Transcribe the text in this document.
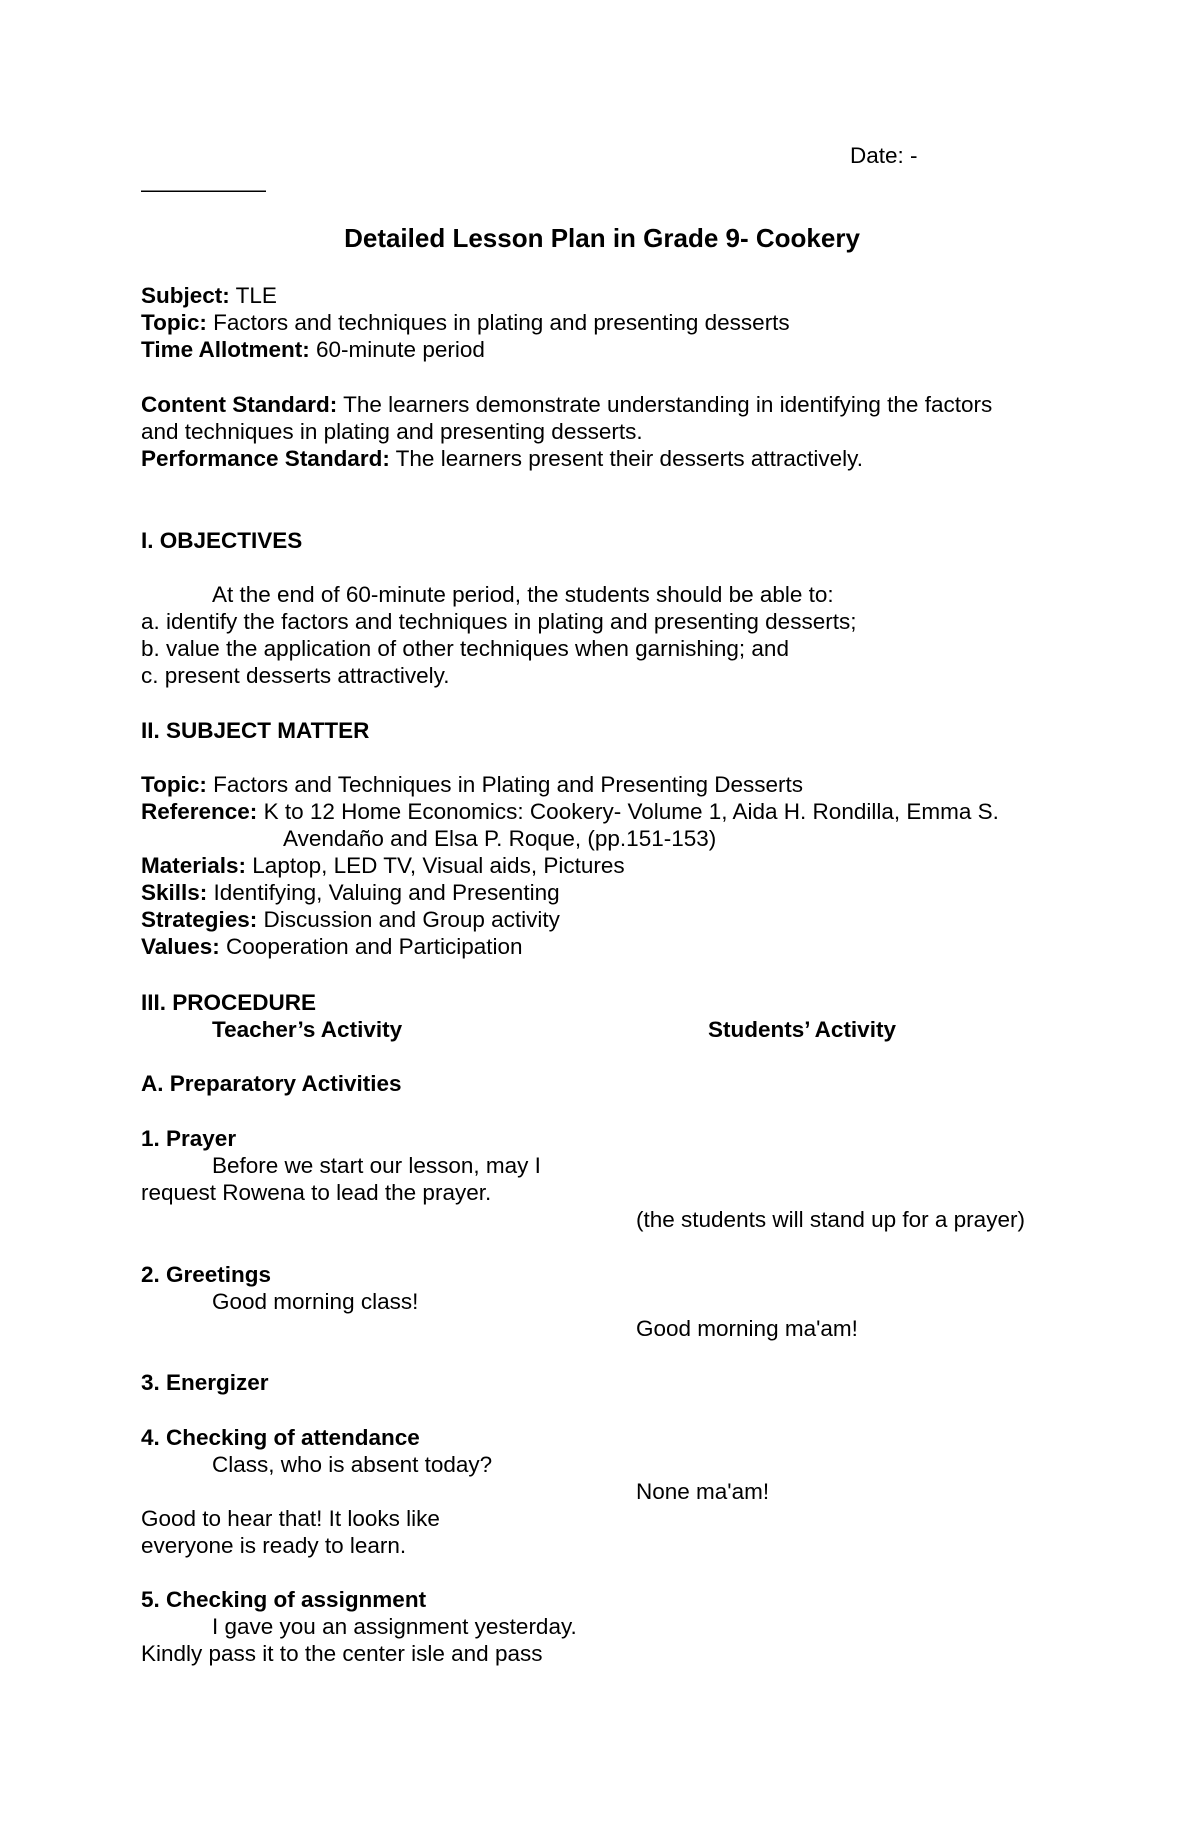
Date: -
—————–
Detailed Lesson Plan in Grade 9- Cookery

Subject: TLE

Topic: Factors and techniques in plating and presenting desserts

Time Allotment: 60-minute period

Content Standard: The learners demonstrate understanding in identifying the factors

and techniques in plating and presenting desserts.

Performance Standard: The learners present their desserts attractively.

I. OBJECTIVES

At the end of 60-minute period, the students should be able to:

a. identify the factors and techniques in plating and presenting desserts;

b. value the application of other techniques when garnishing; and

c. present desserts attractively.

II. SUBJECT MATTER

Topic: Factors and Techniques in Plating and Presenting Desserts

Reference: K to 12 Home Economics: Cookery- Volume 1, Aida H. Rondilla, Emma S.

Avendaño and Elsa P. Roque, (pp.151-153)

Materials: Laptop, LED TV, Visual aids, Pictures

Skills: Identifying, Valuing and Presenting

Strategies: Discussion and Group activity

Values: Cooperation and Participation

III. PROCEDURE
Teacher’s Activity	Students’ Activity
A. Preparatory Activities
1. Prayer
Before we start our lesson, may I
request Rowena to lead the prayer.
(the students will stand up for a prayer)
2. Greetings
Good morning class!
Good morning ma'am!
3. Energizer
4. Checking of attendance
Class, who is absent today?
None ma'am!
Good to hear that! It looks like
everyone is ready to learn.
5. Checking of assignment
I gave you an assignment yesterday.
Kindly pass it to the center isle and pass
